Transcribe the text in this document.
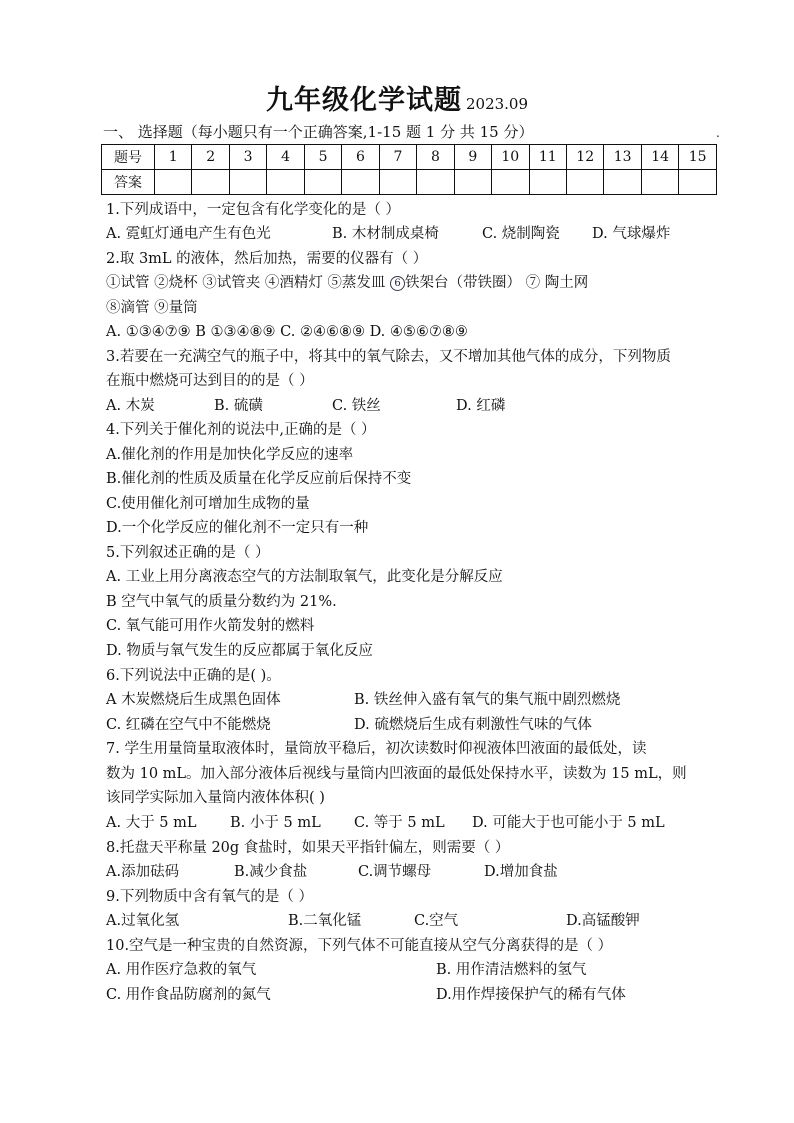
九年级化学试题 2023.09
一、 选择题（每小题只有一个正确答案,1-15 题 1 分 共 15 分）	.
题号	1	2	3	4	5	6	7	8	9	10	11	12	13	14	15
答案															
1.下列成语中，一定包含有化学变化的是（ ）
A. 霓虹灯通电产生有色光	B. 木材制成桌椅	C. 烧制陶瓷 D. 气球爆炸
2.取 3mL 的液体，然后加热，需要的仪器有（ ）
①试管 ②烧杯 ③试管夹 ④酒精灯 ⑤蒸发皿 6 铁架台（带铁圈） ⑦ 陶土网
⑧滴管 ⑨量筒
A. ①③④⑦⑨ B ①③④⑧⑨ C. ②④⑥⑧⑨ D. ④⑤⑥⑦⑧⑨
3.若要在一充满空气的瓶子中，将其中的氧气除去，又不增加其他气体的成分，下列物质
在瓶中燃烧可达到目的的是（ ）
A. 木炭	B. 硫磺	C. 铁丝	D. 红磷
4.下列关于催化剂的说法中,正确的是（ ）
A.催化剂的作用是加快化学反应的速率
B.催化剂的性质及质量在化学反应前后保持不变
C.使用催化剂可增加生成物的量
D.一个化学反应的催化剂不一定只有一种
5.下列叙述正确的是（ ）
A. 工业上用分离液态空气的方法制取氧气，此变化是分解反应
B 空气中氧气的质量分数约为 21%.
C. 氧气能可用作火箭发射的燃料
D. 物质与氧气发生的反应都属于氧化反应
6.下列说法中正确的是( )。
A 木炭燃烧后生成黑色固体	B. 铁丝伸入盛有氧气的集气瓶中剧烈燃烧
C. 红磷在空气中不能燃烧	D. 硫燃烧后生成有刺激性气味的气体
7. 学生用量筒量取液体时，量筒放平稳后，初次读数时仰视液体凹液面的最低处，读
数为 10 mL。加入部分液体后视线与量筒内凹液面的最低处保持水平，读数为 15 mL，则
该同学实际加入量筒内液体体积( )
A. 大于 5 mL B. 小于 5 mL C. 等于 5 mL D. 可能大于也可能小于 5 mL
8.托盘天平称量 20g 食盐时，如果天平指针偏左，则需要（ ）
A.添加砝码	B.减少食盐	C.调节螺母	D.增加食盐
9.下列物质中含有氧气的是（ ）
A.过氧化氢	B.二氧化锰	C.空气	D.高锰酸钾
10.空气是一种宝贵的自然资源，下列气体不可能直接从空气分离获得的是（ ）
A. 用作医疗急救的氧气	B. 用作清洁燃料的氢气
C. 用作食品防腐剂的氮气	D.用作焊接保护气的稀有气体
